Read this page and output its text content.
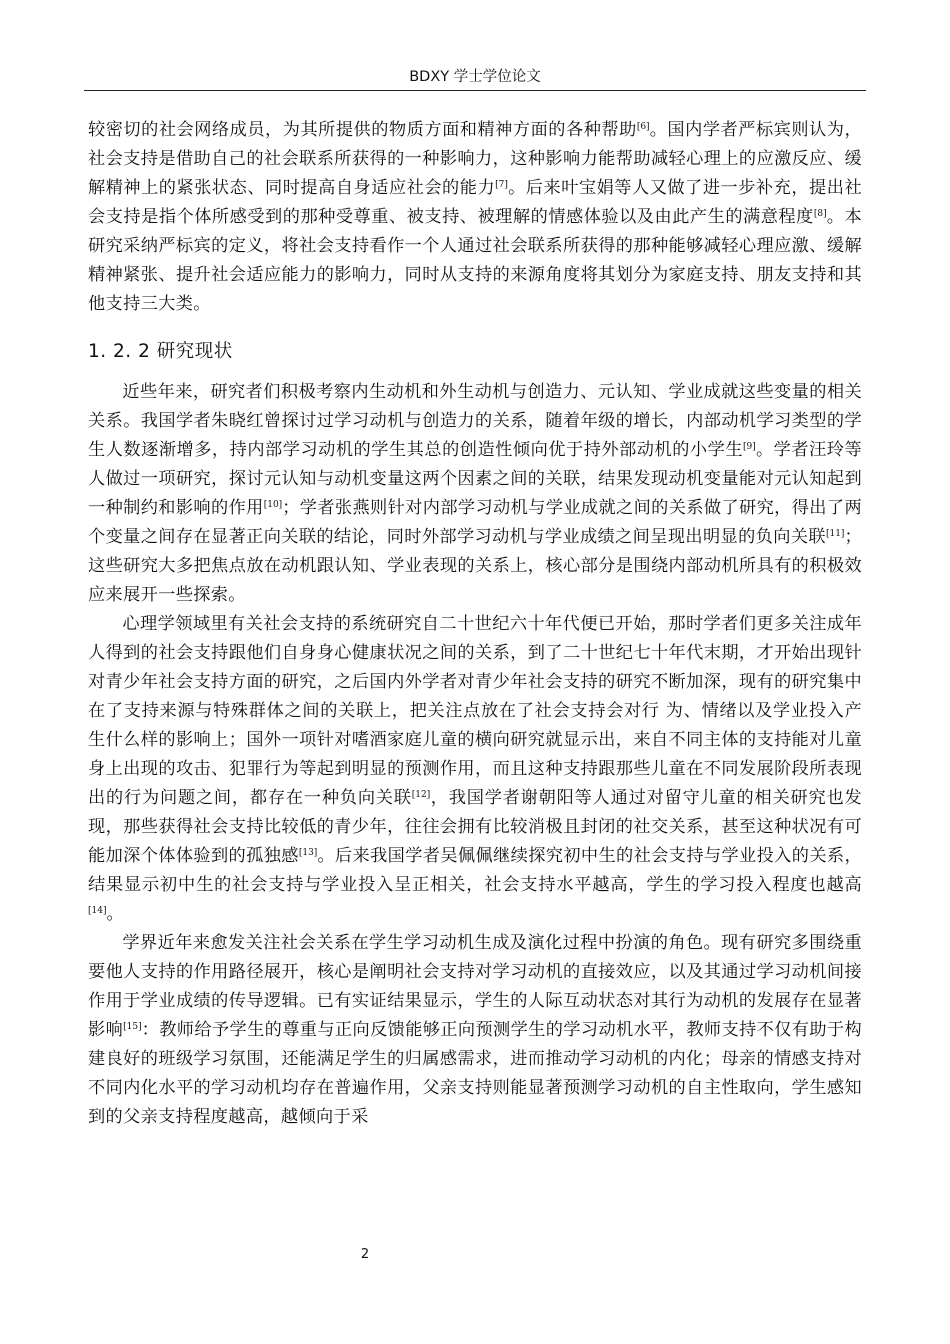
BDXY 学士学位论文

较密切的社会网络成员，为其所提供的物质方面和精神方面的各种帮助[6]。国内学者严标宾则认为，社会支持是借助自己的社会联系所获得的一种影响力，这种影响力能帮助减轻心理上的应激反应、缓解精神上的紧张状态、同时提高自身适应社会的能力[7]。后来叶宝娟等人又做了进一步补充，提出社会支持是指个体所感受到的那种受尊重、被支持、被理解的情感体验以及由此产生的满意程度[8]。本研究采纳严标宾的定义，将社会支持看作一个人通过社会联系所获得的那种能够减轻心理应激、缓解精神紧张、提升社会适应能力的影响力，同时从支持的来源角度将其划分为家庭支持、朋友支持和其他支持三大类。

1. 2. 2 研究现状

近些年来，研究者们积极考察内生动机和外生动机与创造力、元认知、学业成就这些变量的相关关系。我国学者朱晓红曾探讨过学习动机与创造力的关系，随着年级的增长，内部动机学习类型的学生人数逐渐增多，持内部学习动机的学生其总的创造性倾向优于持外部动机的小学生[9]。学者汪玲等人做过一项研究，探讨元认知与动机变量这两个因素之间的关联，结果发现动机变量能对元认知起到一种制约和影响的作用[10]；学者张燕则针对内部学习动机与学业成就之间的关系做了研究，得出了两个变量之间存在显著正向关联的结论，同时外部学习动机与学业成绩之间呈现出明显的负向关联[11]；这些研究大多把焦点放在动机跟认知、学业表现的关系上，核心部分是围绕内部动机所具有的积极效应来展开一些探索。

心理学领域里有关社会支持的系统研究自二十世纪六十年代便已开始，那时学者们更多关注成年人得到的社会支持跟他们自身身心健康状况之间的关系，到了二十世纪七十年代末期，才开始出现针对青少年社会支持方面的研究，之后国内外学者对青少年社会支持的研究不断加深，现有的研究集中在了支持来源与特殊群体之间的关联上，把关注点放在了社会支持会对行 为、情绪以及学业投入产生什么样的影响上；国外一项针对嗜酒家庭儿童的横向研究就显示出，来自不同主体的支持能对儿童身上出现的攻击、犯罪行为等起到明显的预测作用，而且这种支持跟那些儿童在不同发展阶段所表现出的行为问题之间，都存在一种负向关联[12]，我国学者谢朝阳等人通过对留守儿童的相关研究也发现，那些获得社会支持比较低的青少年，往往会拥有比较消极且封闭的社交关系，甚至这种状况有可能加深个体体验到的孤独感[13]。后来我国学者吴佩佩继续探究初中生的社会支持与学业投入的关系，结果显示初中生的社会支持与学业投入呈正相关，社会支持水平越高，学生的学习投入程度也越高[14]。

学界近年来愈发关注社会关系在学生学习动机生成及演化过程中扮演的角色。现有研究多围绕重要他人支持的作用路径展开，核心是阐明社会支持对学习动机的直接效应，以及其通过学习动机间接作用于学业成绩的传导逻辑。已有实证结果显示，学生的人际互动状态对其行为动机的发展存在显著影响[15]：教师给予学生的尊重与正向反馈能够正向预测学生的学习动机水平，教师支持不仅有助于构建良好的班级学习氛围，还能满足学生的归属感需求，进而推动学习动机的内化；母亲的情感支持对不同内化水平的学习动机均存在普遍作用，父亲支持则能显著预测学习动机的自主性取向，学生感知到的父亲支持程度越高，越倾向于采

2
